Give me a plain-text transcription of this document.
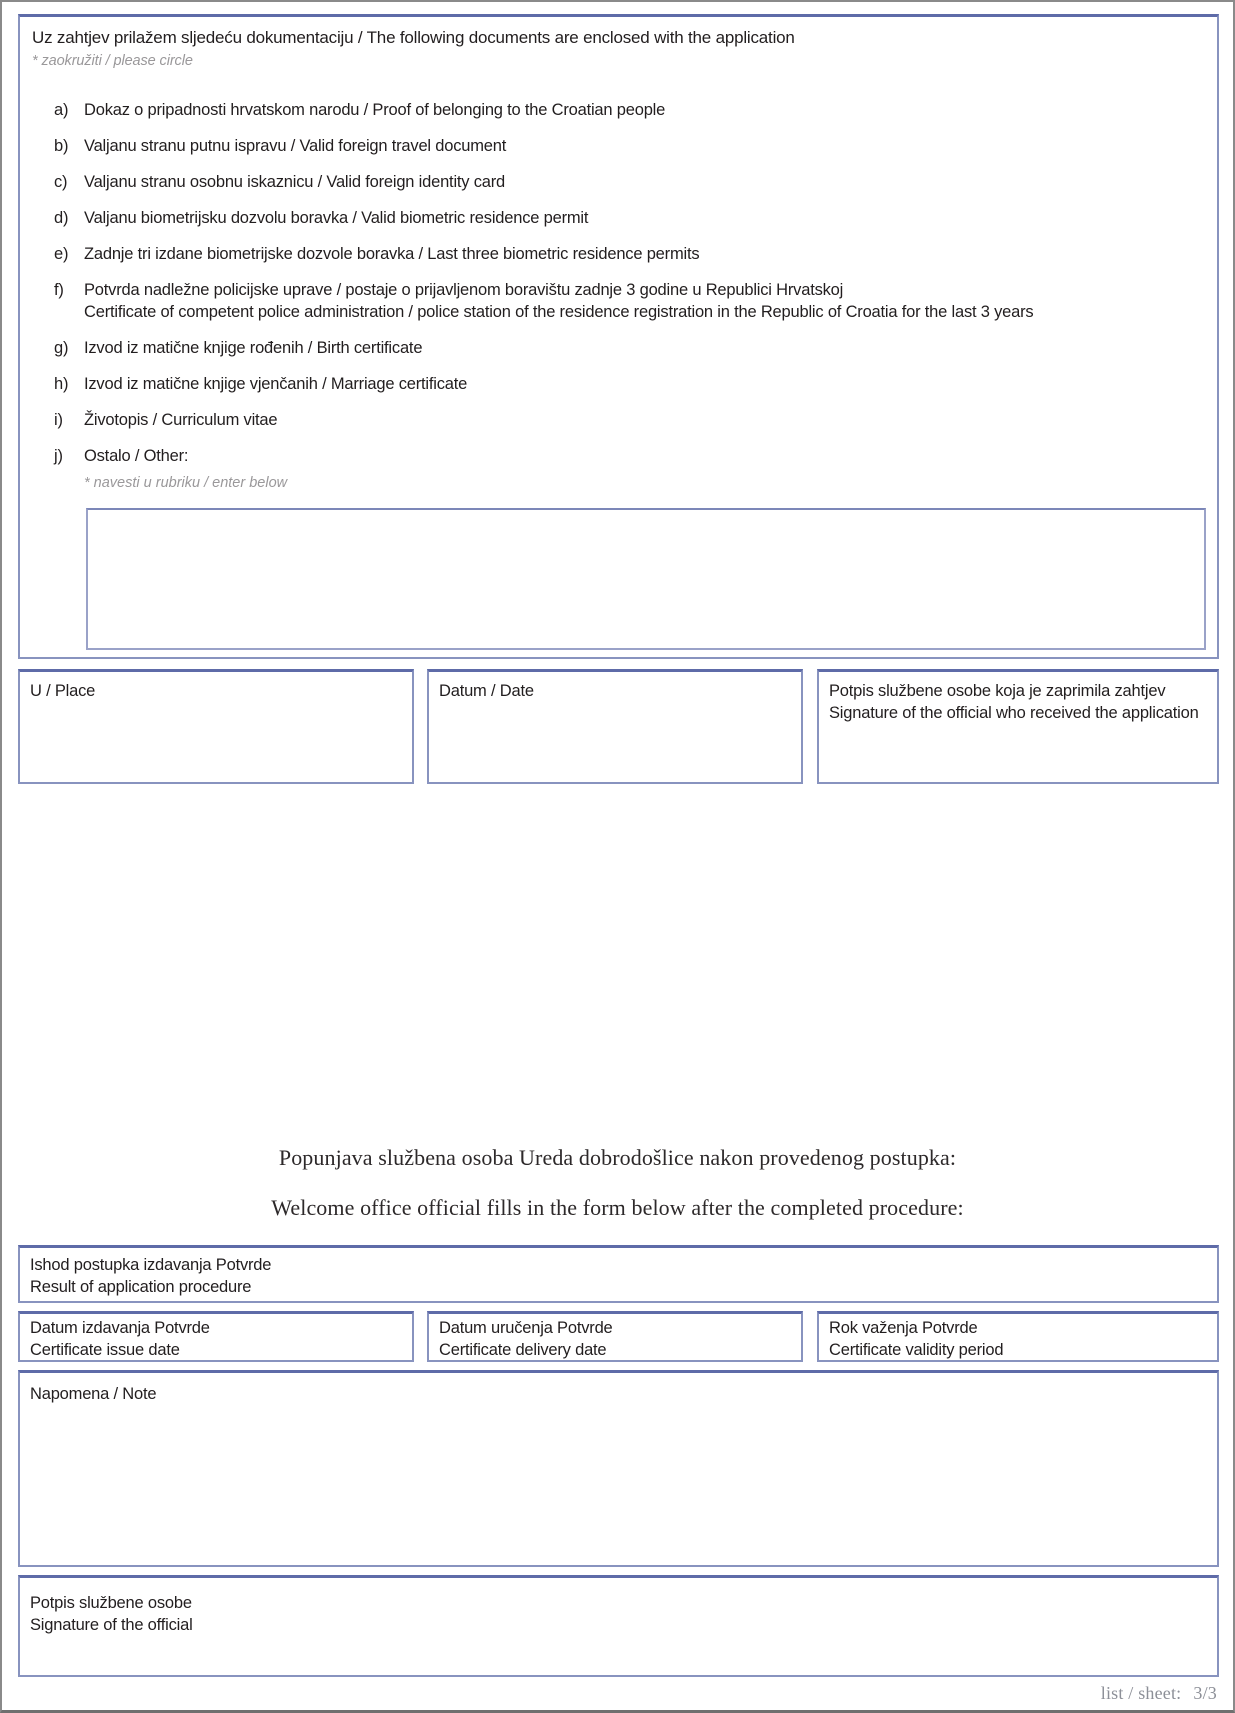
Uz zahtjev prilažem sljedeću dokumentaciju / The following documents are enclosed with the application
* zaokružiti / please circle
a) Dokaz o pripadnosti hrvatskom narodu / Proof of belonging to the Croatian people
b) Valjanu stranu putnu ispravu / Valid foreign travel document
c)	Valjanu stranu osobnu iskaznicu / Valid foreign identity card
d) Valjanu biometrijsku dozvolu boravka / Valid biometric residence permit
e) Zadnje tri izdane biometrijske dozvole boravka / Last three biometric residence permits
f)	Potvrda nadležne policijske uprave / postaje o prijavljenom boravištu zadnje 3 godine u Republici Hrvatskoj
Certificate of competent police administration / police station of the residence registration in the Republic of Croatia for the last 3 years
g) Izvod iz matične knjige rođenih / Birth certificate
h) Izvod iz matične knjige vjenčanih / Marriage certificate
i)	Životopis / Curriculum vitae
j)	Ostalo / Other:
* navesti u rubriku / enter below
U / Place	Datum / Date	Potpis službene osobe koja je zaprimila zahtjev
Signature of the official who received the application
Popunjava službena osoba Ureda dobrodošlice nakon provedenog postupka:
Welcome office official fills in the form below after the completed procedure:
Ishod postupka izdavanja Potvrde
Result of application procedure
Datum izdavanja Potvrde
Certificate issue date
Datum uručenja Potvrde
Certificate delivery date
Rok važenja Potvrde
Certificate validity period
Napomena / Note
Potpis službene osobe
Signature of the official
list / sheet: 3/3
